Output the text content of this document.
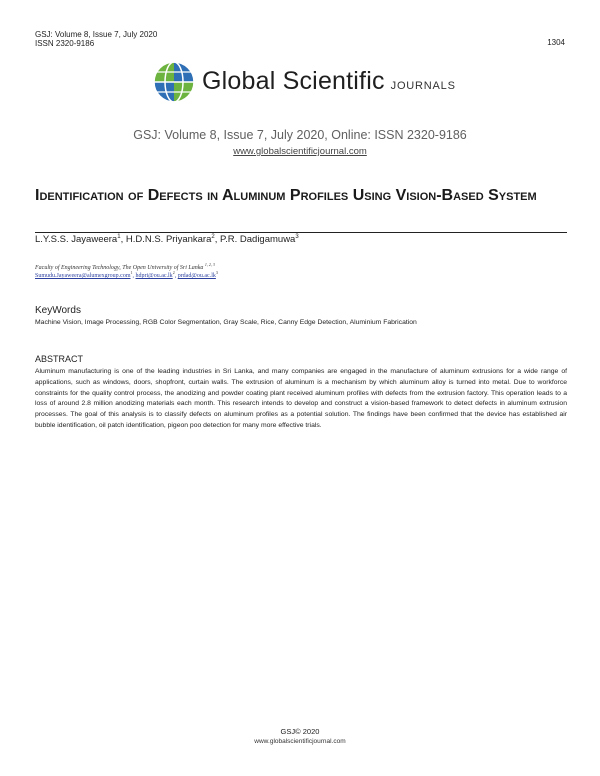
GSJ: Volume 8, Issue 7, July 2020
ISSN 2320-9186	1304
Global Scientific JOURNALS
GSJ: Volume 8, Issue 7, July 2020, Online: ISSN 2320-9186
www.globalscientificjournal.com
Identification of Defects in Aluminum Profiles Using Vision-Based System
L.Y.S.S. Jayaweera$^1$, H.D.N.S. Priyankara$^2$, P.R. Dadigamuwa$^3$
Faculty of Engineering Technology, The Open University of Sri Lanka $^{1, 2, 3}$
Sumudu.Jayaweera@alumexgroup.com$^1$, $hdpri@ou.ac.lk^2$, $prdad@ou.ac.lk^3$
KeyWords
Machine Vision, Image Processing, RGB Color Segmentation, Gray Scale, Rice, Canny Edge Detection, Aluminium Fabrication
ABSTRACT
Aluminum manufacturing is one of the leading industries in Sri Lanka, and many companies are engaged in the manufacture of aluminum extrusions for a wide range of applications, such as windows, doors, shopfront, curtain walls. The extrusion of aluminum is a mechanism by which aluminum alloy is turned into metal. Due to workforce constraints for the quality control process, the anodizing and powder coating plant received aluminum profiles with defects from the extrusion factory. This operation leads to a loss of around 2.8 million anodizing materials each month. This research intends to develop and construct a vision-based framework to detect defects in aluminum extrusion processes. The goal of this analysis is to classify defects on aluminum profiles as a potential solution. The findings have been confirmed that the device has established air bubble identification, oil patch identification, pigeon poo detection for many more effective trials.
GSJ© 2020
www.globalscientificjournal.com
